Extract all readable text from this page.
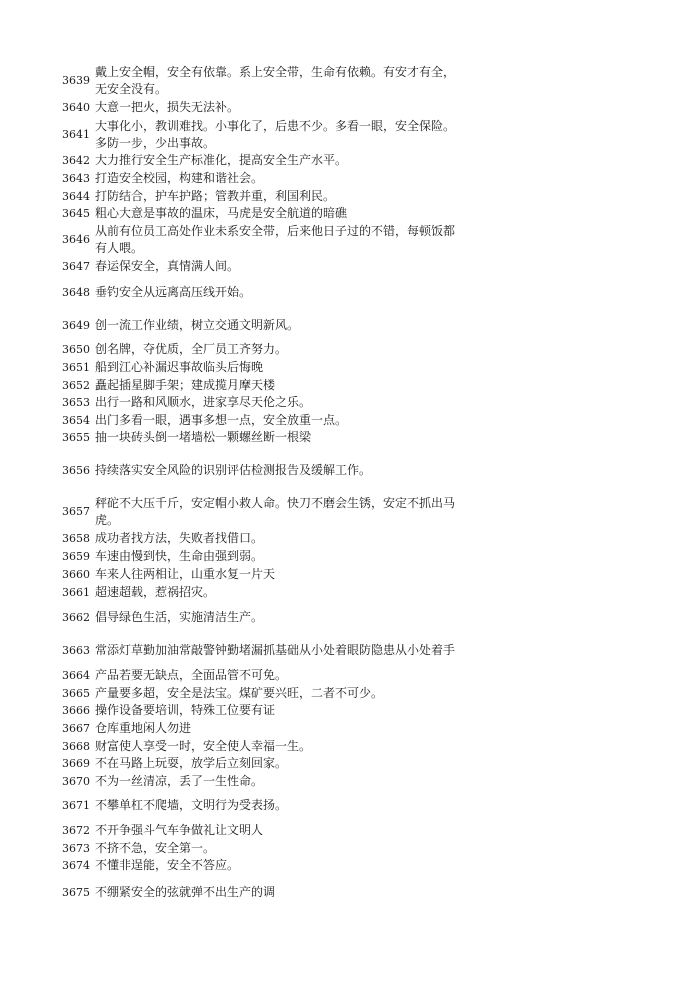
3639
戴上安全帽，安全有依靠。系上安全带，生命有依赖。有安才有全，无安全没有。
3640 大意一把火，损失无法补。
3641
大事化小，教训难找。小事化了，后患不少。多看一眼，安全保险。多防一步，少出事故。
3642 大力推行安全生产标准化，提高安全生产水平。
3643 打造安全校园，构建和谐社会。
3644 打防结合，护车护路；管教并重，利国利民。
3645 粗心大意是事故的温床，马虎是安全航道的暗礁
3646
从前有位员工高处作业未系安全带，后来他日子过的不错，每顿饭都有人喂。
3647 春运保安全，真情满人间。
3648 垂钓安全从远离高压线开始。
3649 创一流工作业绩，树立交通文明新风。
3650 创名牌，夺优质，全厂员工齐努力。
3651 船到江心补漏迟事故临头后悔晚
3652 矗起插星脚手架；建成揽月摩天楼
3653 出行一路和风顺水，进家享尽天伦之乐。
3654 出门多看一眼，遇事多想一点，安全放重一点。
3655 抽一块砖头倒一堵墙松一颗螺丝断一根梁
3656 持续落实安全风险的识别评估检测报告及缓解工作。
3657
秤砣不大压千斤，安定帽小救人命。快刀不磨会生锈，安定不抓出马虎。
3658 成功者找方法，失败者找借口。
3659 车速由慢到快，生命由强到弱。
3660 车来人往两相让，山重水复一片天
3661 超速超载，惹祸招灾。
3662 倡导绿色生活，实施清洁生产。
3663 常添灯草勤加油常敲警钟勤堵漏抓基础从小处着眼防隐患从小处着手
3664 产品若要无缺点，全面品管不可免。
3665 产量要多超，安全是法宝。煤矿要兴旺，二者不可少。
3666 操作设备要培训，特殊工位要有证
3667 仓库重地闲人勿进
3668 财富使人享受一时，安全使人幸福一生。
3669 不在马路上玩耍，放学后立刻回家。
3670 不为一丝清凉，丢了一生性命。
3671 不攀单杠不爬墙，文明行为受表扬。
3672 不开争强斗气车争做礼让文明人
3673 不挤不急，安全第一。
3674 不懂非逞能，安全不答应。
3675 不绷紧安全的弦就弹不出生产的调
